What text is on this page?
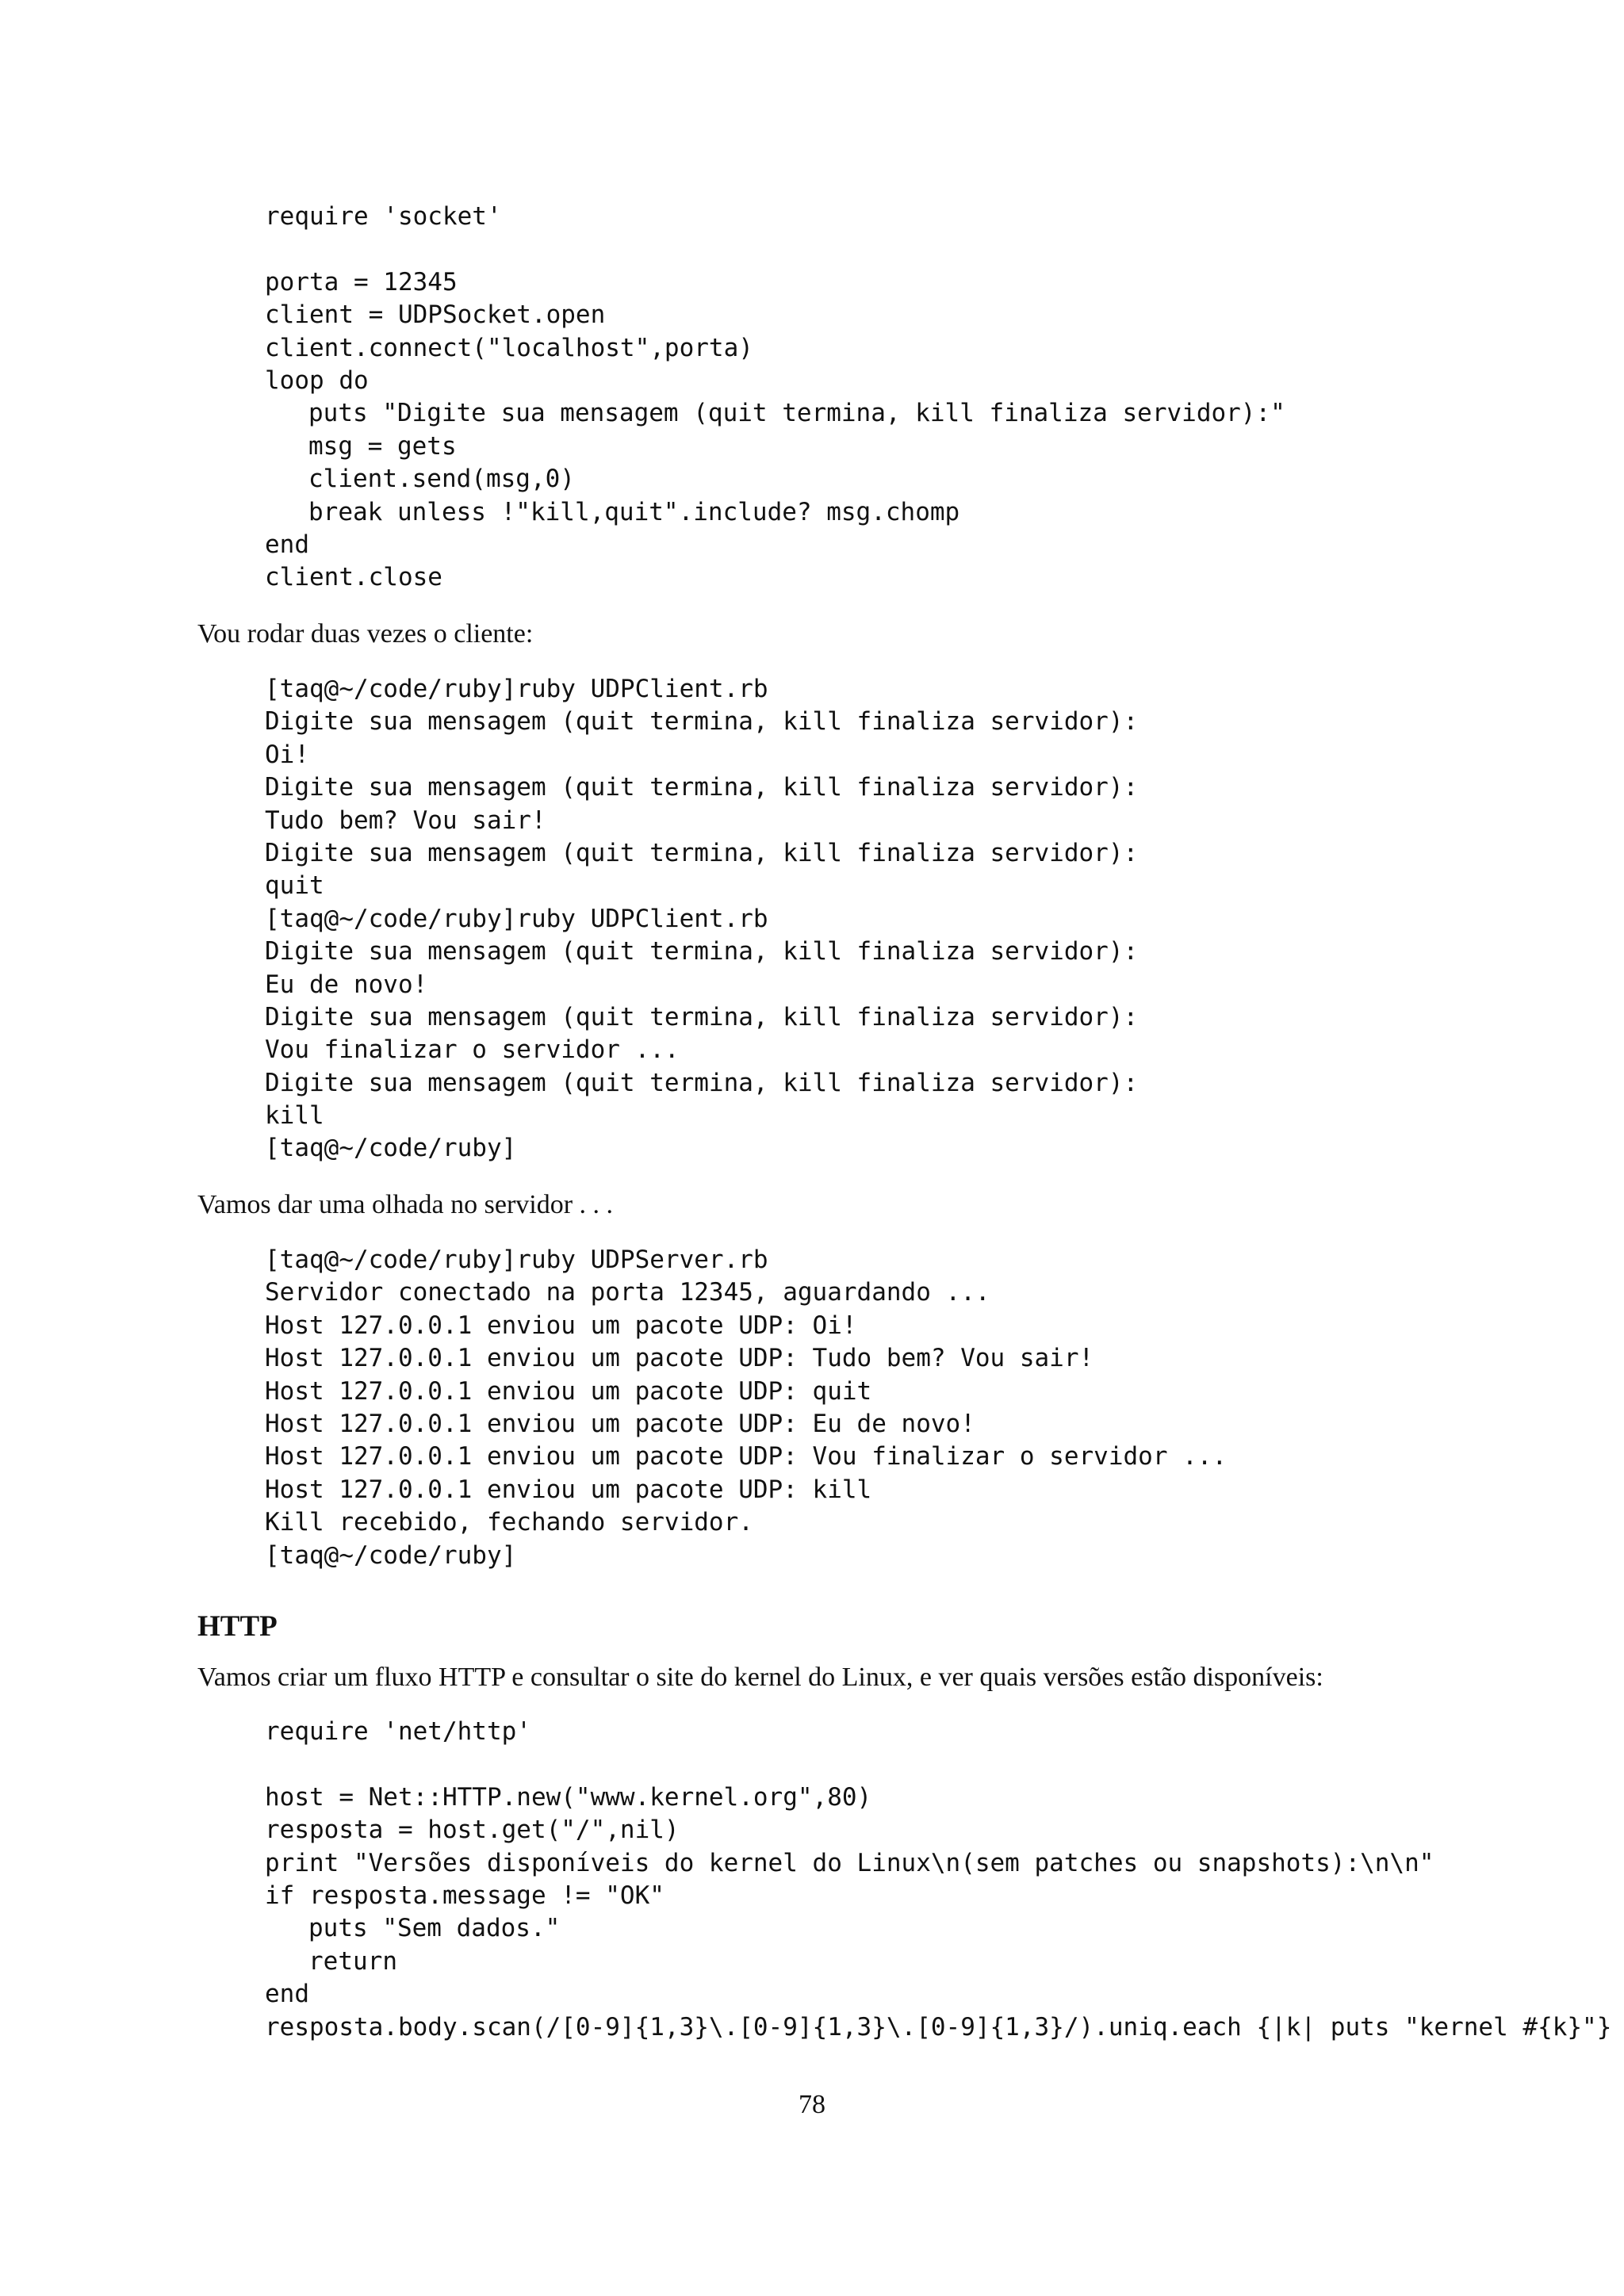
require 'socket'
porta = 12345
client = UDPSocket.open
client.connect("localhost",porta)
loop do
puts "Digite sua mensagem (quit termina, kill finaliza servidor):"
msg = gets
client.send(msg,0)
break unless !"kill,quit".include? msg.chomp
end
client.close

Vou rodar duas vezes o cliente:

[taq@~/code/ruby]ruby UDPClient.rb
Digite sua mensagem (quit termina, kill finaliza servidor):
Oi!
Digite sua mensagem (quit termina, kill finaliza servidor):
Tudo bem? Vou sair!
Digite sua mensagem (quit termina, kill finaliza servidor):
quit
[taq@~/code/ruby]ruby UDPClient.rb
Digite sua mensagem (quit termina, kill finaliza servidor):
Eu de novo!
Digite sua mensagem (quit termina, kill finaliza servidor):
Vou finalizar o servidor ...
Digite sua mensagem (quit termina, kill finaliza servidor):
kill
[taq@~/code/ruby]

Vamos dar uma olhada no servidor . . .

[taq@~/code/ruby]ruby UDPServer.rb
Servidor conectado na porta 12345, aguardando ...
Host 127.0.0.1 enviou um pacote UDP: Oi!
Host 127.0.0.1 enviou um pacote UDP: Tudo bem? Vou sair!
Host 127.0.0.1 enviou um pacote UDP: quit
Host 127.0.0.1 enviou um pacote UDP: Eu de novo!
Host 127.0.0.1 enviou um pacote UDP: Vou finalizar o servidor ...
Host 127.0.0.1 enviou um pacote UDP: kill
Kill recebido, fechando servidor.
[taq@~/code/ruby]
HTTP

Vamos criar um fluxo HTTP e consultar o site do kernel do Linux, e ver quais versões estão disponíveis:

require 'net/http'
host = Net::HTTP.new("www.kernel.org",80)
resposta = host.get("/",nil)
print "Versões disponíveis do kernel do Linux\n(sem patches ou snapshots):\n\n"
if resposta.message != "OK"
puts "Sem dados."
return
end
resposta.body.scan(/[0-9]{1,3}\.[0-9]{1,3}\.[0-9]{1,3}/).uniq.each {|k| puts "kernel #{k}"}
78
